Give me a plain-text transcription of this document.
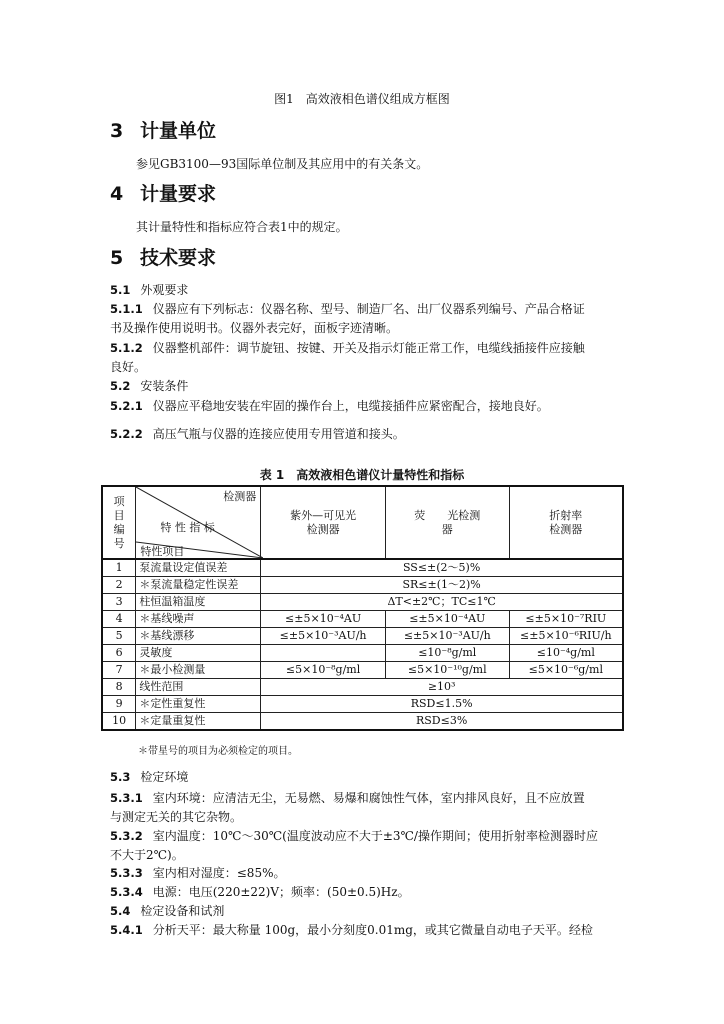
图1　高效液相色谱仪组成方框图
3 计量单位
参见GB3100—93国际单位制及其应用中的有关条文。
4 计量要求
其计量特性和指标应符合表1中的规定。
5 技术要求
5.1 外观要求
5.1.1 仪器应有下列标志：仪器名称、型号、制造厂名、出厂仪器系列编号、产品合格证
书及操作使用说明书。仪器外表完好，面板字迹清晰。
5.1.2 仪器整机部件：调节旋钮、按键、开关及指示灯能正常工作，电缆线插接件应接触
良好。
5.2 安装条件
5.2.1 仪器应平稳地安装在牢固的操作台上，电缆接插件应紧密配合，接地良好。
5.2.2 高压气瓶与仪器的连接应使用专用管道和接头。
表 1　高效液相色谱仪计量特性和指标
项目编号	检测器
特 性 指 标
特性项目	紫外—可见光检测器	荧　　光检测器	折射率检测器
1	泵流量设定值误差	SS≤±(2～5)%		
2	＊泵流量稳定性误差	SR≤±(1～2)%		
3	柱恒温箱温度	ΔT<±2℃；TC≤1℃		
4	＊基线噪声	≤±5×10⁻⁴AU	≤±5×10⁻⁴AU	≤±5×10⁻⁷RIU
5	＊基线漂移	≤±5×10⁻³AU/h	≤±5×10⁻³AU/h	≤±5×10⁻⁶RIU/h
6	灵敏度		≤10⁻⁸g/ml	≤10⁻⁴g/ml
7	＊最小检测量	≤5×10⁻⁸g/ml	≤5×10⁻¹⁰g/ml	≤5×10⁻⁶g/ml
8	线性范围	≥10³		
9	＊定性重复性	RSD≤1.5%		
10	＊定量重复性	RSD≤3%		
＊带星号的项目为必须检定的项目。
5.3 检定环境
5.3.1 室内环境：应清洁无尘，无易燃、易爆和腐蚀性气体，室内排风良好，且不应放置
与测定无关的其它杂物。
5.3.2 室内温度：10℃～30℃(温度波动应不大于±3℃/操作期间；使用折射率检测器时应
不大于2℃)。
5.3.3 室内相对湿度：≤85%。
5.3.4 电源：电压(220±22)V；频率：(50±0.5)Hz。
5.4 检定设备和试剂
5.4.1 分析天平：最大称量 100g，最小分刻度0.01mg，或其它微量自动电子天平。经检
